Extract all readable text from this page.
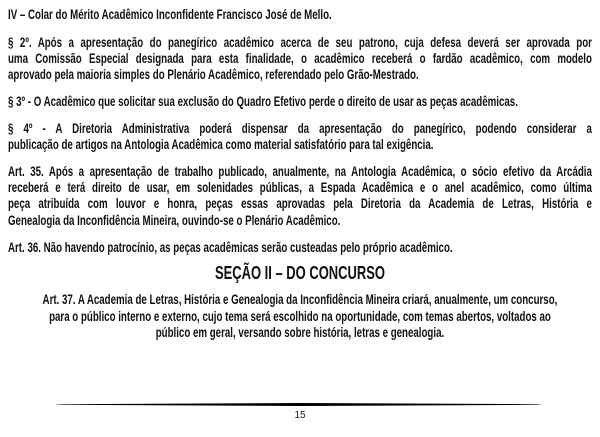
IV – Colar do Mérito Acadêmico Inconfidente Francisco José de Mello.
§ 2º. Após a apresentação do panegírico acadêmico acerca de seu patrono, cuja defesa deverá ser aprovada por
uma Comissão Especial designada para esta finalidade, o acadêmico receberá o fardão acadêmico, com modelo
aprovado pela maioria simples do Plenário Acadêmico, referendado pelo Grão-Mestrado.
§ 3º - O Acadêmico que solicitar sua exclusão do Quadro Efetivo perde o direito de usar as peças acadêmicas.
§ 4º - A Diretoria Administrativa poderá dispensar da apresentação do panegírico, podendo considerar a
publicação de artigos na Antologia Acadêmica como material satisfatório para tal exigência.
Art. 35. Após a apresentação de trabalho publicado, anualmente, na Antologia Acadêmica, o sócio efetivo da Arcádia
receberá e terá direito de usar, em solenidades públicas, a Espada Acadêmica e o anel acadêmico, como última
peça atribuída com louvor e honra, peças essas aprovadas pela Diretoria da Academia de Letras, História e
Genealogia da Inconfidência Mineira, ouvindo-se o Plenário Acadêmico.
Art. 36. Não havendo patrocínio, as peças acadêmicas serão custeadas pelo próprio acadêmico.
SEÇÃO II – DO CONCURSO
Art. 37. A Academia de Letras, História e Genealogia da Inconfidência Mineira criará, anualmente, um concurso,
para o público interno e externo, cujo tema será escolhido na oportunidade, com temas abertos, voltados ao
público em geral, versando sobre história, letras e genealogia.
15
